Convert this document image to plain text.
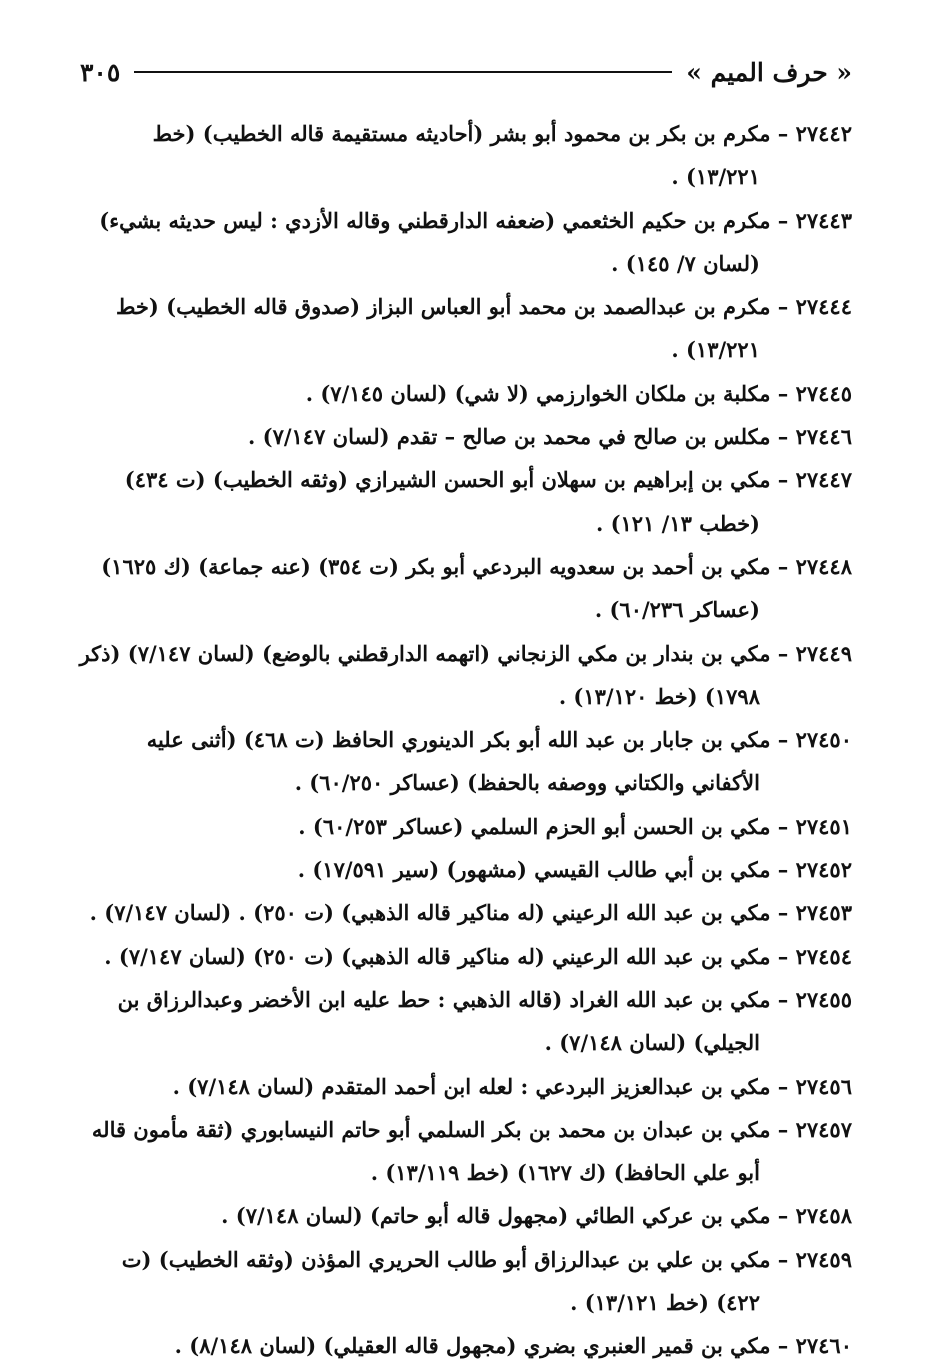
« حرف الميم »
٣٠٥

٢٧٤٤٢ – مكرم بن بكر بن محمود أبو بشر (أحاديثه مستقيمة قاله الخطيب) (خط ١٣/٢٢١) .

٢٧٤٤٣ – مكرم بن حكيم الخثعمي (ضعفه الدارقطني وقاله الأزدي : ليس حديثه بشيء) (لسان ٧/ ١٤٥) .

٢٧٤٤٤ – مكرم بن عبدالصمد بن محمد أبو العباس البزاز (صدوق قاله الخطيب) (خط ١٣/٢٢١) .

٢٧٤٤٥ – مكلبة بن ملكان الخوارزمي (لا شي) (لسان ٧/١٤٥) .

٢٧٤٤٦ – مكلس بن صالح في محمد بن صالح – تقدم (لسان ٧/١٤٧) .

٢٧٤٤٧ – مكي بن إبراهيم بن سهلان أبو الحسن الشيرازي (وثقه الخطيب) (ت ٤٣٤) (خطب ١٣/ ١٢١) .

٢٧٤٤٨ – مكي بن أحمد بن سعدويه البردعي أبو بكر (ت ٣٥٤) (عنه جماعة) (ك ١٦٢٥) (عساكر ٦٠/٢٣٦) .

٢٧٤٤٩ – مكي بن بندار بن مكي الزنجاني (اتهمه الدارقطني بالوضع) (لسان ٧/١٤٧) (ذكر ١٧٩٨) (خط ١٣/١٢٠) .

٢٧٤٥٠ – مكي بن جابار بن عبد الله أبو بكر الدينوري الحافظ (ت ٤٦٨) (أثنى عليه الأكفاني والكتاني ووصفه بالحفظ) (عساكر ٦٠/٢٥٠) .

٢٧٤٥١ – مكي بن الحسن أبو الحزم السلمي (عساكر ٦٠/٢٥٣) .

٢٧٤٥٢ – مكي بن أبي طالب القيسي (مشهور) (سير ١٧/٥٩١) .

٢٧٤٥٣ – مكي بن عبد الله الرعيني (له مناكير قاله الذهبي) (ت ٢٥٠) . (لسان ٧/١٤٧) .

٢٧٤٥٤ – مكي بن عبد الله الرعيني (له مناكير قاله الذهبي) (ت ٢٥٠) (لسان ٧/١٤٧) .

٢٧٤٥٥ – مكي بن عبد الله الغراد (قاله الذهبي : حط عليه ابن الأخضر وعبدالرزاق بن الجيلي) (لسان ٧/١٤٨) .

٢٧٤٥٦ – مكي بن عبدالعزيز البردعي : لعله ابن أحمد المتقدم (لسان ٧/١٤٨) .

٢٧٤٥٧ – مكي بن عبدان بن محمد بن بكر السلمي أبو حاتم النيسابوري (ثقة مأمون قاله أبو علي الحافظ) (ك ١٦٢٧) (خط ١٣/١١٩) .

٢٧٤٥٨ – مكي بن عركي الطائي (مجهول قاله أبو حاتم) (لسان ٧/١٤٨) .

٢٧٤٥٩ – مكي بن علي بن عبدالرزاق أبو طالب الحريري المؤذن (وثقه الخطيب) (ت ٤٢٢) (خط ١٣/١٢١) .

٢٧٤٦٠ – مكي بن قمير العنبري بضري (مجهول قاله العقيلي) (لسان ٨/١٤٨) .
